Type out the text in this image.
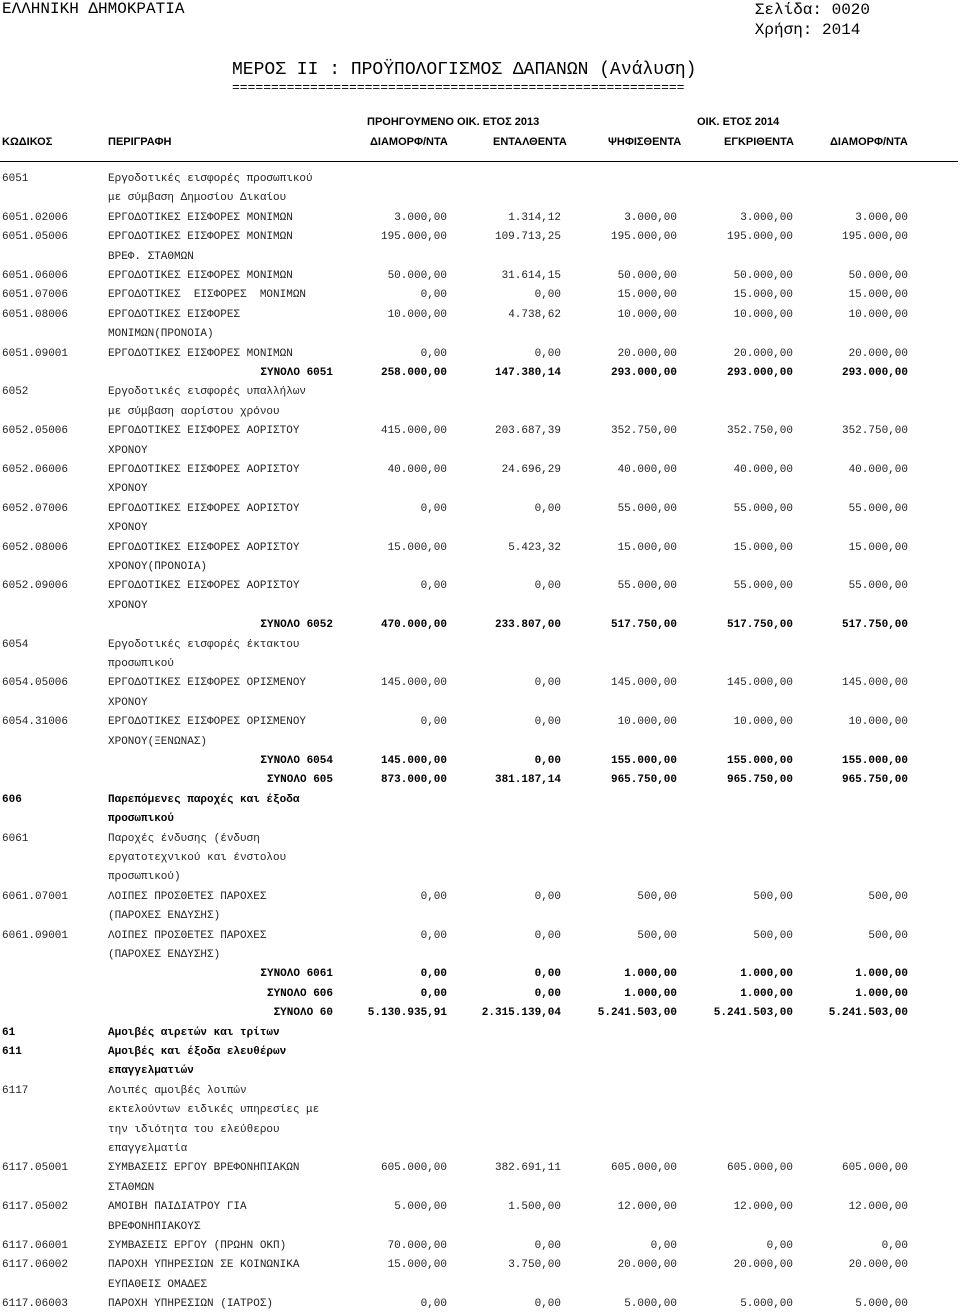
ΕΛΛΗΝΙΚΗ ΔΗΜΟΚΡΑΤΙΑ	Σελίδα: 0020
Χρήση: 2014
ΜΕΡΟΣ ΙΙ : ΠΡΟΫΠΟΛΟΓΙΣΜΟΣ ΔΑΠΑΝΩΝ (Ανάλυση)
==========================================================
ΠΡΟΗΓΟΥΜΕΝΟ ΟΙΚ. ΕΤΟΣ 2013	ΟΙΚ. ΕΤΟΣ 2014
ΚΩΔΙΚΟΣ	ΠΕΡΙΓΡΑΦΗ	ΔΙΑΜΟΡΦ/ΝΤΑ	ΕΝΤΑΛΘΕΝΤΑ	ΨΗΦΙΣΘΕΝΤΑ	ΕΓΚΡΙΘΕΝΤΑ	ΔΙΑΜΟΡΦ/ΝΤΑ
6051	Εργοδοτικές εισφορές προσωπικού
με σύμβαση Δημοσίου Δικαίου
6051.02006	ΕΡΓΟΔΟΤΙΚΕΣ ΕΙΣΦΟΡΕΣ ΜΟΝΙΜΩΝ	3.000,00	1.314,12	3.000,00	3.000,00	3.000,00
6051.05006	ΕΡΓΟΔΟΤΙΚΕΣ ΕΙΣΦΟΡΕΣ ΜΟΝΙΜΩΝ	195.000,00	109.713,25	195.000,00	195.000,00	195.000,00
ΒΡΕΦ. ΣΤΑΘΜΩΝ
6051.06006	ΕΡΓΟΔΟΤΙΚΕΣ ΕΙΣΦΟΡΕΣ ΜΟΝΙΜΩΝ	50.000,00	31.614,15	50.000,00	50.000,00	50.000,00
6051.07006	ΕΡΓΟΔΟΤΙΚΕΣ  ΕΙΣΦΟΡΕΣ  ΜΟΝΙΜΩΝ	0,00	0,00	15.000,00	15.000,00	15.000,00
6051.08006	ΕΡΓΟΔΟΤΙΚΕΣ ΕΙΣΦΟΡΕΣ	10.000,00	4.738,62	10.000,00	10.000,00	10.000,00
ΜΟΝΙΜΩΝ(ΠΡΟΝΟΙΑ)
6051.09001	ΕΡΓΟΔΟΤΙΚΕΣ ΕΙΣΦΟΡΕΣ ΜΟΝΙΜΩΝ	0,00	0,00	20.000,00	20.000,00	20.000,00
ΣΥΝΟΛΟ 6051	258.000,00	147.380,14	293.000,00	293.000,00	293.000,00
6052	Εργοδοτικές εισφορές υπαλλήλων
με σύμβαση αορίστου χρόνου
6052.05006	ΕΡΓΟΔΟΤΙΚΕΣ ΕΙΣΦΟΡΕΣ ΑΟΡΙΣΤΟΥ	415.000,00	203.687,39	352.750,00	352.750,00	352.750,00
ΧΡΟΝΟΥ
6052.06006	ΕΡΓΟΔΟΤΙΚΕΣ ΕΙΣΦΟΡΕΣ ΑΟΡΙΣΤΟΥ	40.000,00	24.696,29	40.000,00	40.000,00	40.000,00
ΧΡΟΝΟΥ
6052.07006	ΕΡΓΟΔΟΤΙΚΕΣ ΕΙΣΦΟΡΕΣ ΑΟΡΙΣΤΟΥ	0,00	0,00	55.000,00	55.000,00	55.000,00
ΧΡΟΝΟΥ
6052.08006	ΕΡΓΟΔΟΤΙΚΕΣ ΕΙΣΦΟΡΕΣ ΑΟΡΙΣΤΟΥ	15.000,00	5.423,32	15.000,00	15.000,00	15.000,00
ΧΡΟΝΟΥ(ΠΡΟΝΟΙΑ)
6052.09006	ΕΡΓΟΔΟΤΙΚΕΣ ΕΙΣΦΟΡΕΣ ΑΟΡΙΣΤΟΥ	0,00	0,00	55.000,00	55.000,00	55.000,00
ΧΡΟΝΟΥ
ΣΥΝΟΛΟ 6052	470.000,00	233.807,00	517.750,00	517.750,00	517.750,00
6054	Εργοδοτικές εισφορές έκτακτου
προσωπικού
6054.05006	ΕΡΓΟΔΟΤΙΚΕΣ ΕΙΣΦΟΡΕΣ ΟΡΙΣΜΕΝΟΥ	145.000,00	0,00	145.000,00	145.000,00	145.000,00
ΧΡΟΝΟΥ
6054.31006	ΕΡΓΟΔΟΤΙΚΕΣ ΕΙΣΦΟΡΕΣ ΟΡΙΣΜΕΝΟΥ	0,00	0,00	10.000,00	10.000,00	10.000,00
ΧΡΟΝΟΥ(ΞΕΝΩΝΑΣ)
ΣΥΝΟΛΟ 6054	145.000,00	0,00	155.000,00	155.000,00	155.000,00
ΣΥΝΟΛΟ 605	873.000,00	381.187,14	965.750,00	965.750,00	965.750,00
606	Παρεπόμενες παροχές και έξοδα
προσωπικού
6061	Παροχές ένδυσης (ένδυση
εργατοτεχνικού και ένστολου
προσωπικού)
6061.07001	ΛΟΙΠΕΣ ΠΡΟΣΘΕΤΕΣ ΠΑΡΟΧΕΣ	0,00	0,00	500,00	500,00	500,00
(ΠΑΡΟΧΕΣ ΕΝΔΥΣΗΣ)
6061.09001	ΛΟΙΠΕΣ ΠΡΟΣΘΕΤΕΣ ΠΑΡΟΧΕΣ	0,00	0,00	500,00	500,00	500,00
(ΠΑΡΟΧΕΣ ΕΝΔΥΣΗΣ)
ΣΥΝΟΛΟ 6061	0,00	0,00	1.000,00	1.000,00	1.000,00
ΣΥΝΟΛΟ 606	0,00	0,00	1.000,00	1.000,00	1.000,00
ΣΥΝΟΛΟ 60	5.130.935,91	2.315.139,04	5.241.503,00	5.241.503,00	5.241.503,00
61	Αμοιβές αιρετών και τρίτων
611	Αμοιβές και έξοδα ελευθέρων
επαγγελματιών
6117	Λοιπές αμοιβές λοιπών
εκτελούντων ειδικές υπηρεσίες με
την ιδιότητα του ελεύθερου
επαγγελματία
6117.05001	ΣΥΜΒΑΣΕΙΣ ΕΡΓΟΥ ΒΡΕΦΟΝΗΠΙΑΚΩΝ	605.000,00	382.691,11	605.000,00	605.000,00	605.000,00
ΣΤΑΘΜΩΝ
6117.05002	ΑΜΟΙΒΗ ΠΑΙΔΙΑΤΡΟΥ ΓΙΑ	5.000,00	1.500,00	12.000,00	12.000,00	12.000,00
ΒΡΕΦΟΝΗΠΙΑΚΟΥΣ
6117.06001	ΣΥΜΒΑΣΕΙΣ ΕΡΓΟΥ (ΠΡΩΗΝ ΟΚΠ)	70.000,00	0,00	0,00	0,00	0,00
6117.06002	ΠΑΡΟΧΗ ΥΠΗΡΕΣΙΩΝ ΣΕ ΚΟΙΝΩΝΙΚΑ	15.000,00	3.750,00	20.000,00	20.000,00	20.000,00
ΕΥΠΑΘΕΙΣ ΟΜΑΔΕΣ
6117.06003	ΠΑΡΟΧΗ ΥΠΗΡΕΣΙΩΝ (ΙΑΤΡΟΣ)	0,00	0,00	5.000,00	5.000,00	5.000,00
